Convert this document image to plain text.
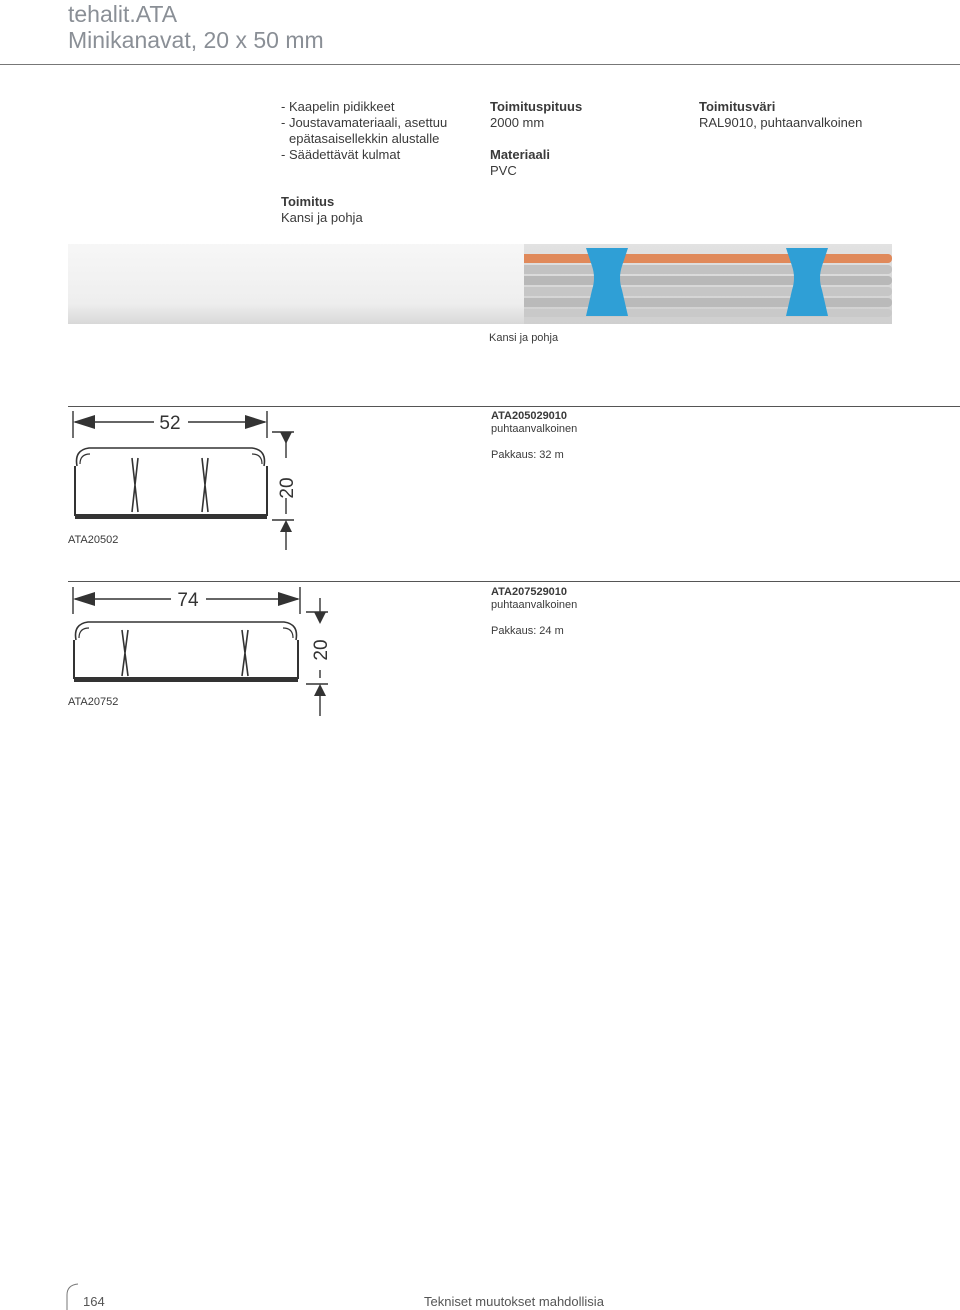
tehalit.ATA
Minikanavat, 20 x 50 mm
- Kaapelin pidikkeet
- Joustavamateriaali, asettuu
epätasaisellekkin alustalle
- Säädettävät kulmat
Toimituspituus
2000 mm
Materiaali
PVC
Toimitusväri
RAL9010, puhtaanvalkoinen
Toimitus
Kansi ja pohja
Kansi ja pohja
52
20
ATA205029010
puhtaanvalkoinen
Pakkaus: 32 m
ATA20502
74
20
ATA207529010
puhtaanvalkoinen
Pakkaus: 24 m
ATA20752
164	Tekniset muutokset mahdollisia
